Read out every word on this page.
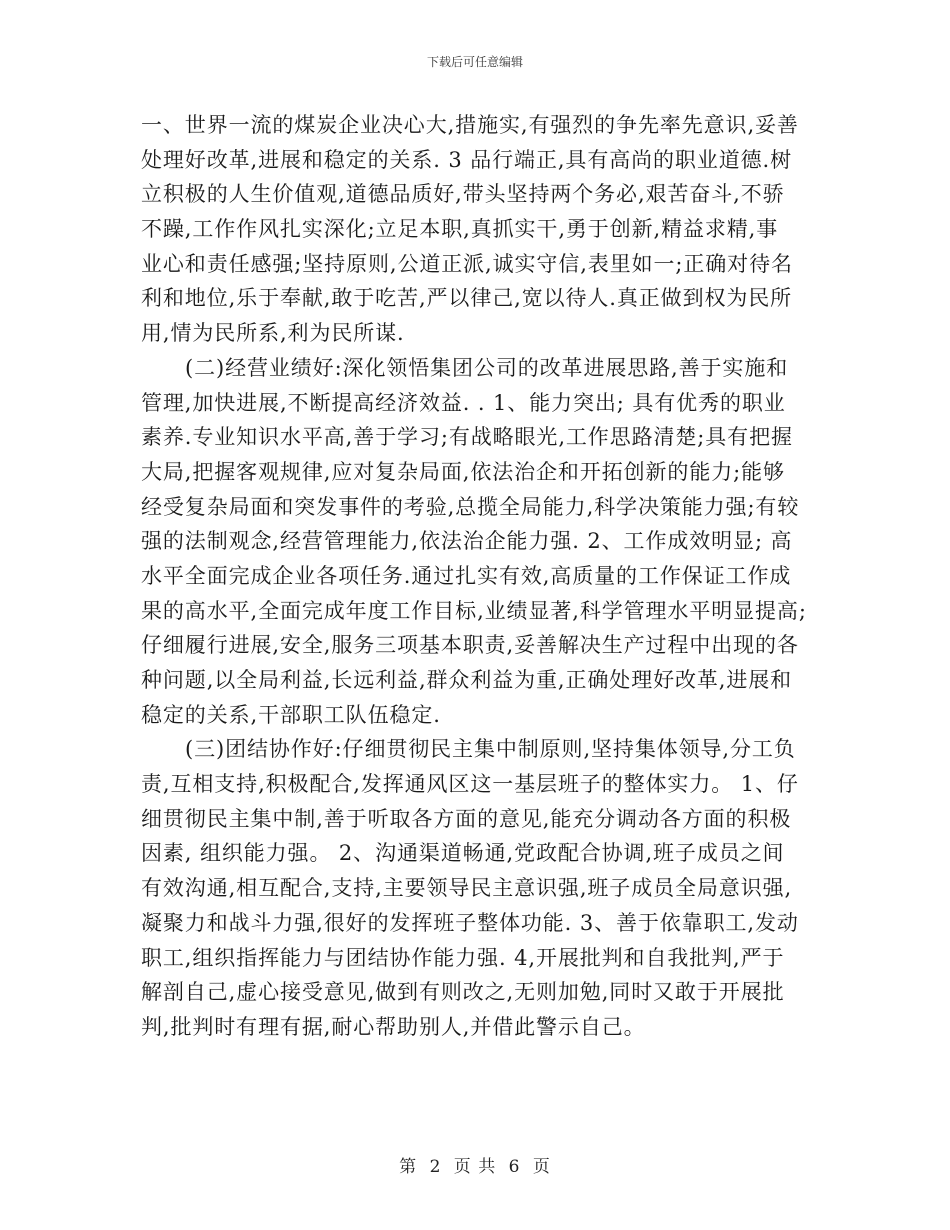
下载后可任意编辑
一、世界一流的煤炭企业决心大,措施实,有强烈的争先率先意识,妥善
处理好改革,进展和稳定的关系. 3 品行端正,具有高尚的职业道德.树
立积极的人生价值观,道德品质好,带头坚持两个务必,艰苦奋斗,不骄
不躁,工作作风扎实深化;立足本职,真抓实干,勇于创新,精益求精,事
业心和责任感强;坚持原则,公道正派,诚实守信,表里如一;正确对待名
利和地位,乐于奉献,敢于吃苦,严以律己,宽以待人.真正做到权为民所
用,情为民所系,利为民所谋.
(二)经营业绩好:深化领悟集团公司的改革进展思路,善于实施和
管理,加快进展,不断提高经济效益. . 1、能力突出; 具有优秀的职业
素养.专业知识水平高,善于学习;有战略眼光,工作思路清楚;具有把握
大局,把握客观规律,应对复杂局面,依法治企和开拓创新的能力;能够
经受复杂局面和突发事件的考验,总揽全局能力,科学决策能力强;有较
强的法制观念,经营管理能力,依法治企能力强. 2、工作成效明显; 高
水平全面完成企业各项任务.通过扎实有效,高质量的工作保证工作成
果的高水平,全面完成年度工作目标,业绩显著,科学管理水平明显提高;
仔细履行进展,安全,服务三项基本职责,妥善解决生产过程中出现的各
种问题,以全局利益,长远利益,群众利益为重,正确处理好改革,进展和
稳定的关系,干部职工队伍稳定.
(三)团结协作好:仔细贯彻民主集中制原则,坚持集体领导,分工负
责,互相支持,积极配合,发挥通风区这一基层班子的整体实力。 1、仔
细贯彻民主集中制,善于听取各方面的意见,能充分调动各方面的积极
因素, 组织能力强。 2、沟通渠道畅通,党政配合协调,班子成员之间
有效沟通,相互配合,支持,主要领导民主意识强,班子成员全局意识强,
凝聚力和战斗力强,很好的发挥班子整体功能. 3、善于依靠职工,发动
职工,组织指挥能力与团结协作能力强. 4,开展批判和自我批判,严于
解剖自己,虚心接受意见,做到有则改之,无则加勉,同时又敢于开展批
判,批判时有理有据,耐心帮助别人,并借此警示自己。
第 2 页 共 6 页
